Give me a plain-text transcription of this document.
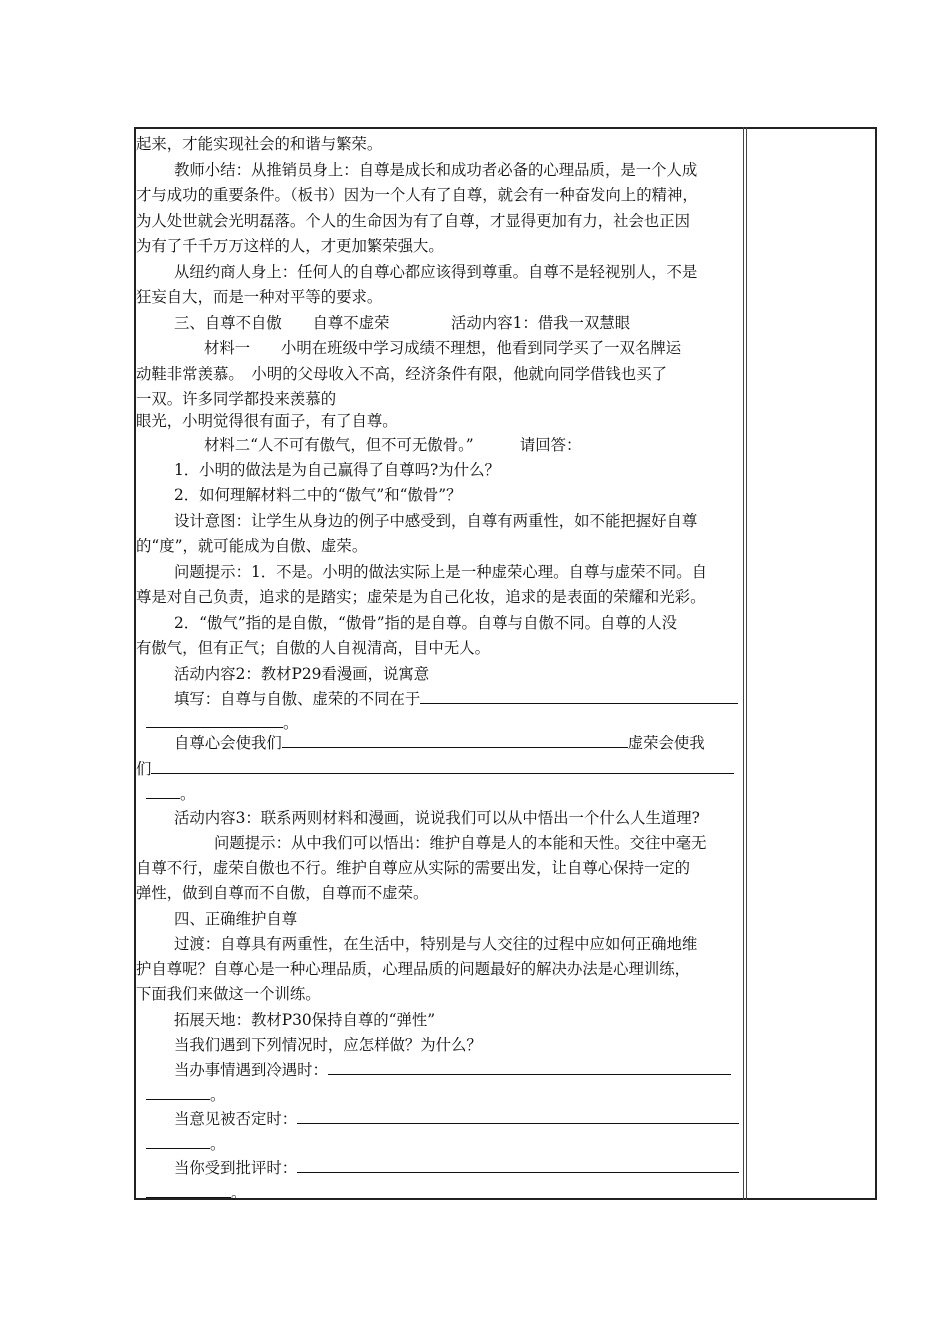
起来，才能实现社会的和谐与繁荣。
教师小结：从推销员身上：自尊是成长和成功者必备的心理品质，是一个人成
才与成功的重要条件。（板书）因为一个人有了自尊，就会有一种奋发向上的精神，
为人处世就会光明磊落。个人的生命因为有了自尊，才显得更加有力，社会也正因
为有了千千万万这样的人，才更加繁荣强大。
从纽约商人身上：任何人的自尊心都应该得到尊重。自尊不是轻视别人，不是
狂妄自大，而是一种对平等的要求。
三、自尊不自傲　　自尊不虚荣　　　　活动内容1：借我一双慧眼
材料一　　小明在班级中学习成绩不理想，他看到同学买了一双名牌运
动鞋非常羡慕。　小明的父母收入不高，经济条件有限，他就向同学借钱也买了
一双。许多同学都投来羡慕的
眼光，小明觉得很有面子，有了自尊。
材料二“人不可有傲气，但不可无傲骨。”　　　请回答：
1．小明的做法是为自己赢得了自尊吗?为什么？
2．如何理解材料二中的“傲气”和“傲骨”？
设计意图：让学生从身边的例子中感受到，自尊有两重性，如不能把握好自尊
的“度”，就可能成为自傲、虚荣。
问题提示：1．不是。小明的做法实际上是一种虚荣心理。自尊与虚荣不同。自
尊是对自己负责，追求的是踏实；虚荣是为自己化妆，追求的是表面的荣耀和光彩。
2．“傲气”指的是自傲，“傲骨”指的是自尊。自尊与自傲不同。自尊的人没
有傲气，但有正气；自傲的人自视清高，目中无人。
活动内容2：教材P29看漫画，说寓意
填写：自尊与自傲、虚荣的不同在于
。
自尊心会使我们	虚荣会使我
们
。
活动内容3：联系两则材料和漫画，说说我们可以从中悟出一个什么人生道理?
问题提示：从中我们可以悟出：维护自尊是人的本能和天性。交往中毫无
自尊不行，虚荣自傲也不行。维护自尊应从实际的需要出发，让自尊心保持一定的
弹性，做到自尊而不自傲，自尊而不虚荣。
四、正确维护自尊
过渡：自尊具有两重性，在生活中，特别是与人交往的过程中应如何正确地维
护自尊呢？自尊心是一种心理品质，心理品质的问题最好的解决办法是心理训练，
下面我们来做这一个训练。
拓展天地：教材P30保持自尊的“弹性”
当我们遇到下列情况时，应怎样做？为什么？
当办事情遇到冷遇时：
。
当意见被否定时：
。
当你受到批评时：
。
